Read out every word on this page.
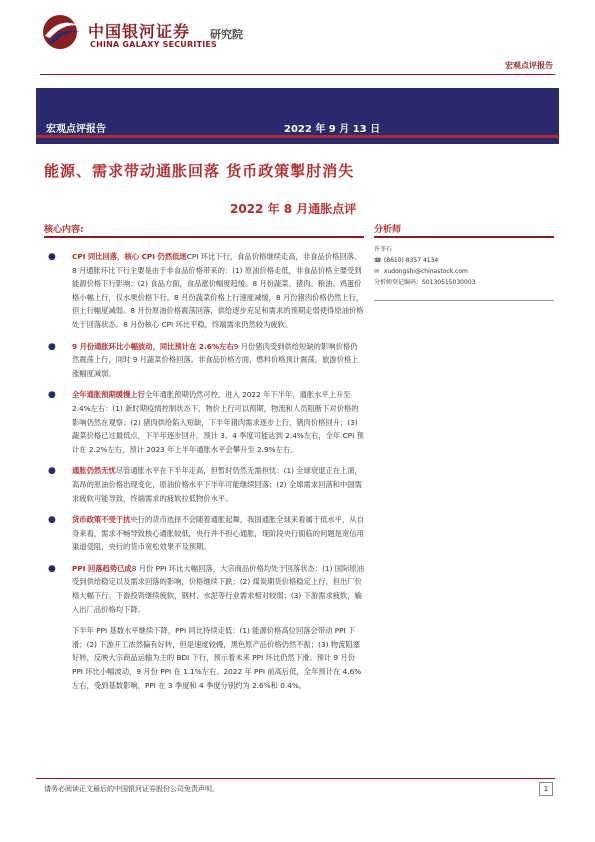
中国银河证券
CHINA GALAXY SECURITIES
研究院
宏观点评报告
宏观点评报告	2022 年 9 月 13 日
能源、需求带动通胀回落 货币政策掣肘消失
2022 年 8 月通胀点评
核心内容:
● CPI 同比回落，核心 CPI 仍然低迷CPI 环比下行，食品价格继续走高，非食品价格回落。8 月通胀环比下行主要是由于非食品价格带来的：(1) 原油价格走低，非食品价格主要受到能源价格下行影响；(2) 食品方面，食品涨价幅度趋缓。8 月份蔬菜、猪肉、粮油、鸡蛋价格小幅上行，仅水果价格下行。8 月份蔬菜价格上行速度减缓，8 月份猪肉价格仍然上行，但上行幅度减弱。8 月份原油价格震荡回落，供给逐步充足和需求的预期走弱使得原油价格处于回落状态。8 月份核心 CPI 环比平稳，终端需求仍然较为疲软。
● 9 月份通胀环比小幅波动，同比预计在 2.6%左右9 月份猪肉受到供给短缺的影响价格仍然震荡上行，同时 9 月蔬菜价格回落。非食品价格方面，燃料价格预计震荡，旅游价格上涨幅度减弱。
● 全年通胀预期缓慢上行全年通胀预期仍然可控，进入 2022 年下半年，通胀水平上升至 2.4%左右：(1) 新时期疫情控制状态下，物价上行可以预期，物流和人员阻断下对价格的影响仍然在观察；(2) 猪肉供给陷入短缺，下半年猪肉需求逐步上行，猪肉价格回升；(3) 蔬菜价格已过最低点，下半年逐步回升。预计 3、4 季度可能达到 2.4%左右，全年 CPI 预计在 2.2%左右，预计 2023 年上半年通胀水平会攀升至 2.9%左右。
● 通胀仍然无忧尽管通胀水平在下半年走高，但暂时仍然无需担忧：(1) 全球衰退正在上演，高昂的原油价格出现变化，原油价格水平下半年可能继续回落；(2) 全球需求回落和中国需求疲软可能导致，终端需求的疲软拉低物价水平。
● 货币政策不受干扰央行的货币选择不会随着通胀起舞，我国通胀全球来看属于低水平，从自身来看，需求不畅导致核心通胀较低，央行并不担心通胀，现阶段央行面临的问题是宽信用渠道受阻，央行的货币宽松效果不及预期。
● PPI 回落趋势已成8 月份 PPI 环比大幅回落，大宗商品价格均处于回落状态：(1) 国际原油受到供给稳定以及需求回落的影响，价格继续下跌；(2) 煤炭期货价格稳定上行，但出厂价格大幅下行。下游投资继续疲软，钢材、水泥等行业需求相对较弱；(3) 下游需求疲软，输入出厂品价格均下降。
下半年 PPI 基数水平继续下降，PPI 同比持续走低：(1) 能源价格高位回落会带动 PPI 下滑；(2) 下游开工浓然偏有好转，但是速度较慢，黑色原产品价格仍然不振；(3) 物流阻塞好转，反映大宗商品运输为主的 BDI 下行，预示着未来 PPI 环比仍然下滑。预计 9 月份 PPI 环比小幅波动，9 月份 PPI 在 1.1%左右。2022 年 PPI 前高后低，全年预计在 4.6%左右，受到基数影响，PPI 在 3 季度和 4 季度分别约为 2.6%和 0.4%。
分析师
许冬石
☎ (8610) 8357 4134
✉ xudongshi@chinastock.com
分析师登记编码：S0130515030003
请务必阅读正文最后的中国银河证券股份公司免责声明。	1
